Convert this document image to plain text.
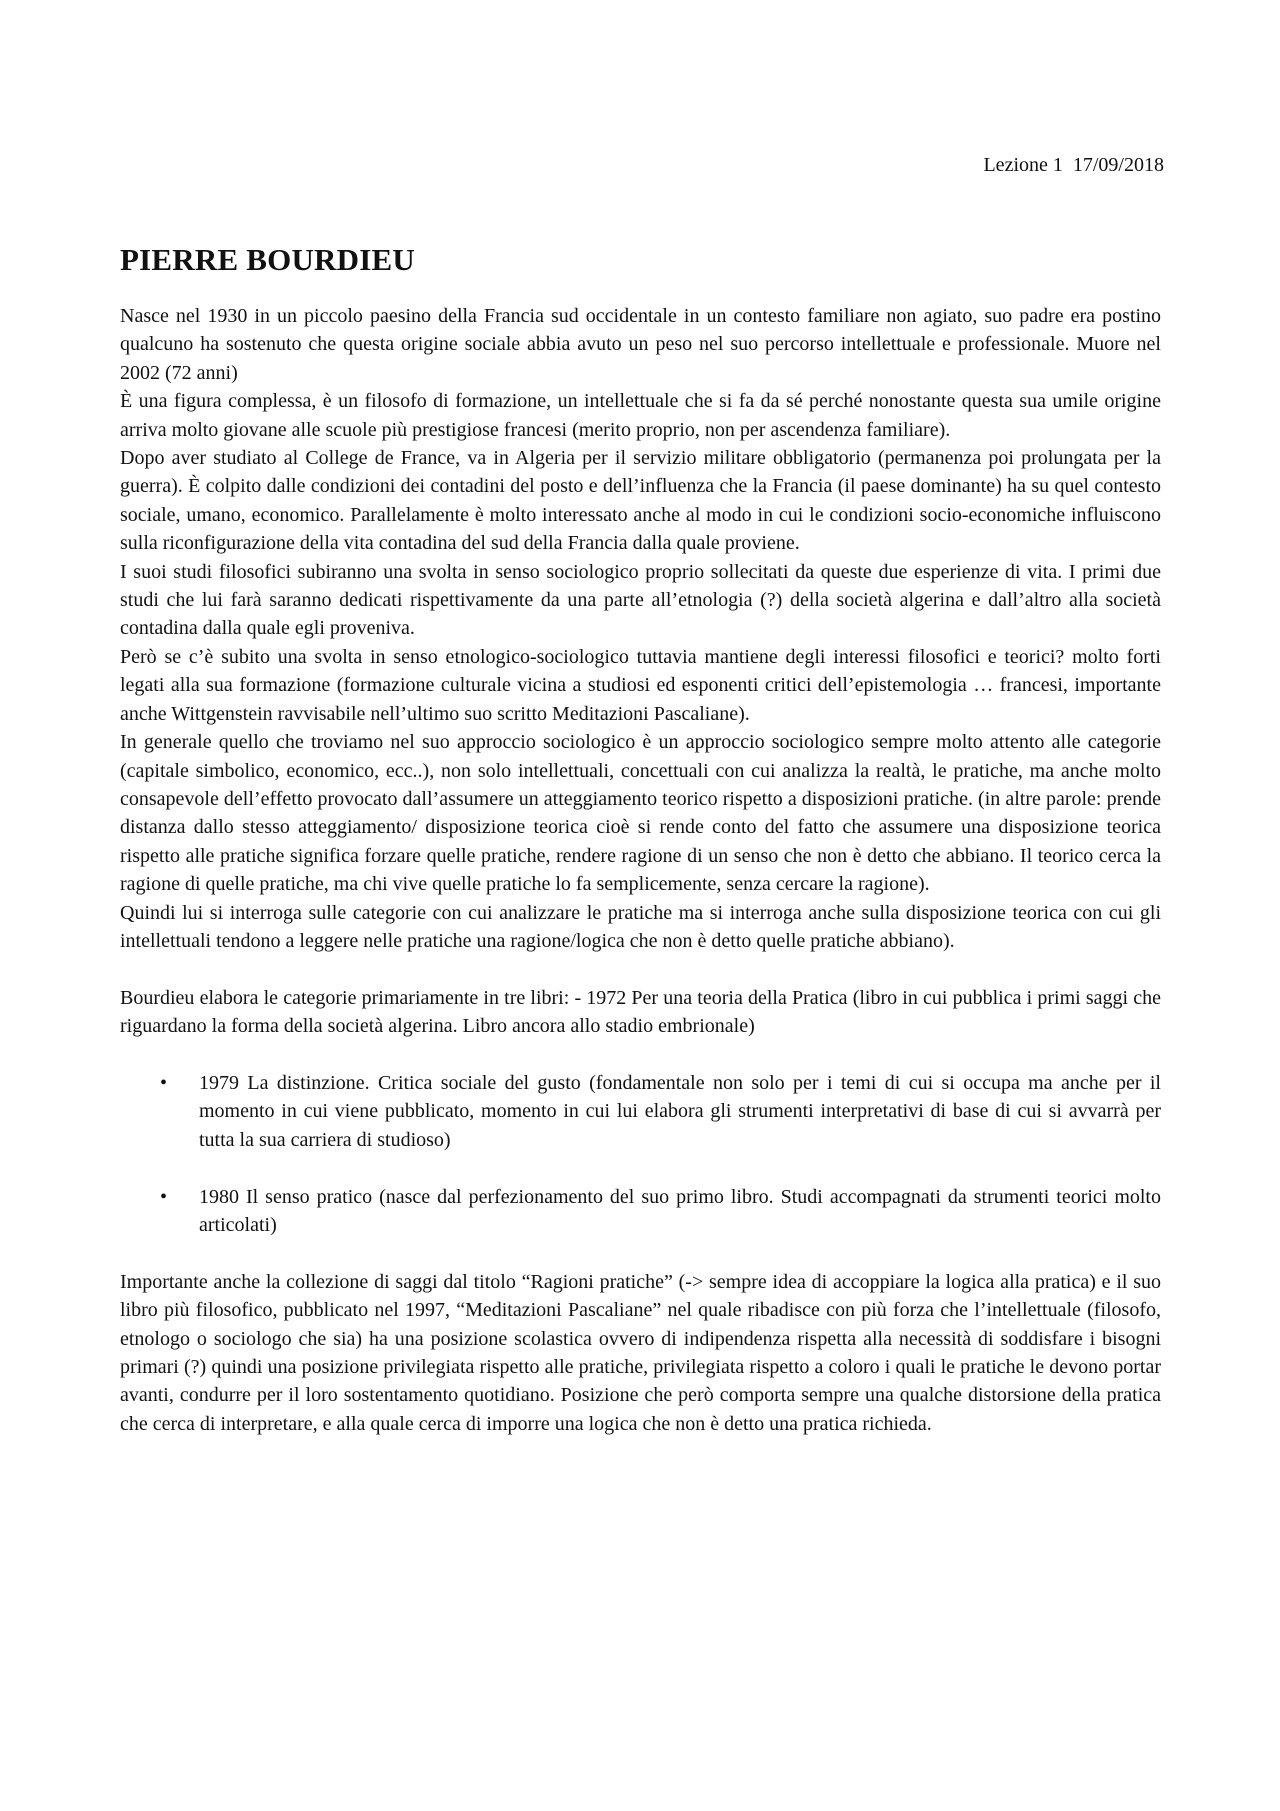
Lezione 1  17/09/2018
PIERRE BOURDIEU

Nasce nel 1930 in un piccolo paesino della Francia sud occidentale in un contesto familiare non agiato, suo padre era postino qualcuno ha sostenuto che questa origine sociale abbia avuto un peso nel suo percorso intellettuale e professionale. Muore nel 2002 (72 anni)

È una figura complessa, è un filosofo di formazione, un intellettuale che si fa da sé perché nonostante questa sua umile origine arriva molto giovane alle scuole più prestigiose francesi (merito proprio, non per ascendenza familiare).

Dopo aver studiato al College de France, va in Algeria per il servizio militare obbligatorio (permanenza poi prolungata per la guerra). È colpito dalle condizioni dei contadini del posto e dell’influenza che la Francia (il paese dominante) ha su quel contesto sociale, umano, economico. Parallelamente è molto interessato anche al modo in cui le condizioni socio-economiche influiscono sulla riconfigurazione della vita contadina del sud della Francia dalla quale proviene.

I suoi studi filosofici subiranno una svolta in senso sociologico proprio sollecitati da queste due esperienze di vita. I primi due studi che lui farà saranno dedicati rispettivamente da una parte all’etnologia (?) della società algerina e dall’altro alla società contadina dalla quale egli proveniva.

Però se c’è subito una svolta in senso etnologico-sociologico tuttavia mantiene degli interessi filosofici e teorici? molto forti legati alla sua formazione (formazione culturale vicina a studiosi ed esponenti critici dell’epistemologia … francesi, importante anche Wittgenstein ravvisabile nell’ultimo suo scritto Meditazioni Pascaliane).

In generale quello che troviamo nel suo approccio sociologico è un approccio sociologico sempre molto attento alle categorie (capitale simbolico, economico, ecc..), non solo intellettuali, concettuali con cui analizza la realtà, le pratiche, ma anche molto consapevole dell’effetto provocato dall’assumere un atteggiamento teorico rispetto a disposizioni pratiche. (in altre parole: prende distanza dallo stesso atteggiamento/ disposizione teorica cioè si rende conto del fatto che assumere una disposizione teorica rispetto alle pratiche significa forzare quelle pratiche, rendere ragione di un senso che non è detto che abbiano. Il teorico cerca la ragione di quelle pratiche, ma chi vive quelle pratiche lo fa semplicemente, senza cercare la ragione).

Quindi lui si interroga sulle categorie con cui analizzare le pratiche ma si interroga anche sulla disposizione teorica con cui gli intellettuali tendono a leggere nelle pratiche una ragione/logica che non è detto quelle pratiche abbiano).

Bourdieu elabora le categorie primariamente in tre libri: - 1972 Per una teoria della Pratica (libro in cui pubblica i primi saggi che riguardano la forma della società algerina. Libro ancora allo stadio embrionale)

• 1979 La distinzione. Critica sociale del gusto (fondamentale non solo per i temi di cui si occupa ma anche per il momento in cui viene pubblicato, momento in cui lui elabora gli strumenti interpretativi di base di cui si avvarrà per tutta la sua carriera di studioso)
• 1980 Il senso pratico (nasce dal perfezionamento del suo primo libro. Studi accompagnati da strumenti teorici molto articolati)

Importante anche la collezione di saggi dal titolo “Ragioni pratiche” (-> sempre idea di accoppiare la logica alla pratica) e il suo libro più filosofico, pubblicato nel 1997, “Meditazioni Pascaliane” nel quale ribadisce con più forza che l’intellettuale (filosofo, etnologo o sociologo che sia) ha una posizione scolastica ovvero di indipendenza rispetta alla necessità di soddisfare i bisogni primari (?) quindi una posizione privilegiata rispetto alle pratiche, privilegiata rispetto a coloro i quali le pratiche le devono portar avanti, condurre per il loro sostentamento quotidiano. Posizione che però comporta sempre una qualche distorsione della pratica che cerca di interpretare, e alla quale cerca di imporre una logica che non è detto una pratica richieda.
